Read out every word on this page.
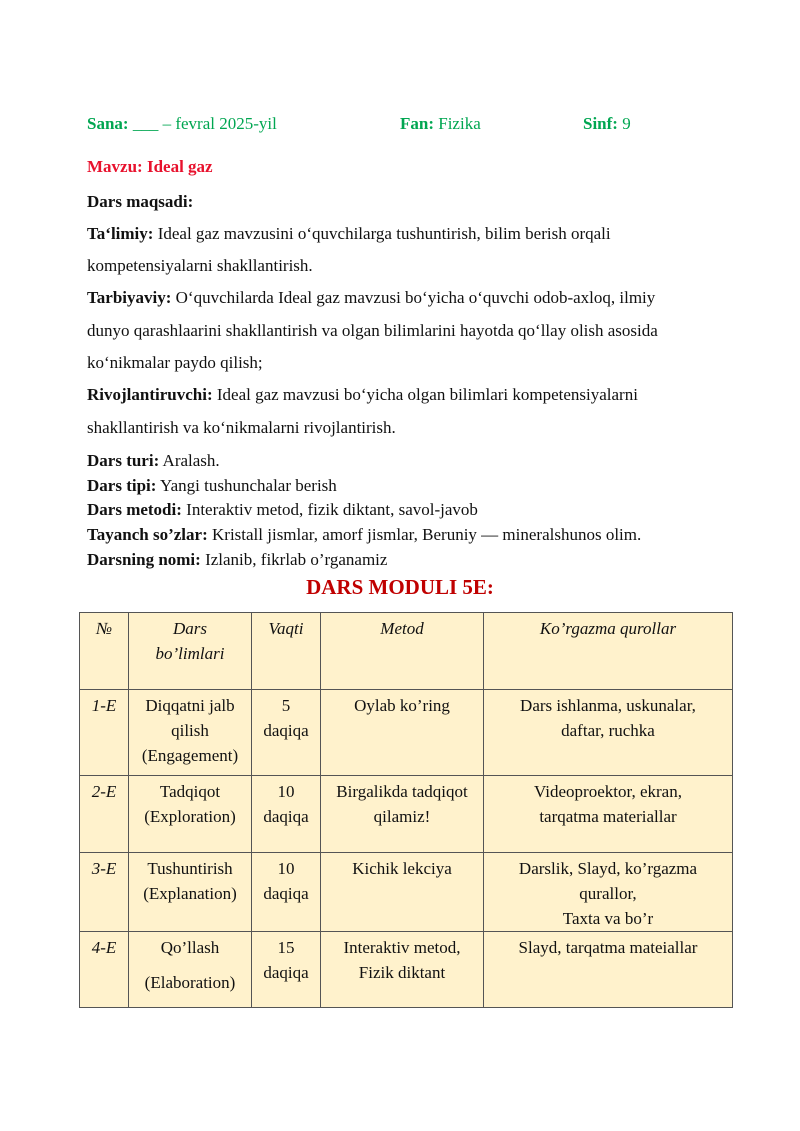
Sana: ___ – fevral 2025-yil	Fan: Fizika	Sinf: 9
Mavzu: Ideal gaz
Dars maqsadi:
Ta‘limiy: Ideal gaz mavzusini o‘quvchilarga tushuntirish, bilim berish orqali
kompetensiyalarni shakllantirish.
Tarbiyaviy: O‘quvchilarda Ideal gaz mavzusi bo‘yicha o‘quvchi odob-axloq, ilmiy
dunyo qarashlaarini shakllantirish va olgan bilimlarini hayotda qo‘llay olish asosida
ko‘nikmalar paydo qilish;
Rivojlantiruvchi: Ideal gaz mavzusi bo‘yicha olgan bilimlari kompetensiyalarni
shakllantirish va ko‘nikmalarni rivojlantirish.
Dars turi: Aralash.
Dars tipi: Yangi tushunchalar berish
Dars metodi: Interaktiv metod, fizik diktant, savol-javob
Tayanch so’zlar: Kristall jismlar, amorf jismlar, Beruniy — mineralshunos olim.
Darsning nomi: Izlanib, fikrlab o’rganamiz
DARS MODULI 5E:
№	Dars
bo’limlari	Vaqti	Metod	Ko’rgazma qurollar
1-E	Diqqatni jalb
qilish
(Engagement)	5
daqiqa	Oylab ko’ring	Dars ishlanma, uskunalar,
daftar, ruchka

2-E	Tadqiqot
(Exploration)	10
daqiqa	Birgalikda tadqiqot
qilamiz!	Videoproektor, ekran,
tarqatma materiallar

3-E	Tushuntirish
(Explanation)	10
daqiqa	Kichik lekciya	Darslik, Slayd, ko’rgazma
qurallor,
Taxta va bo’r

4-E	Qo’llash
(Elaboration)	15
daqiqa	Interaktiv metod,
Fizik diktant	Slayd, tarqatma mateiallar
